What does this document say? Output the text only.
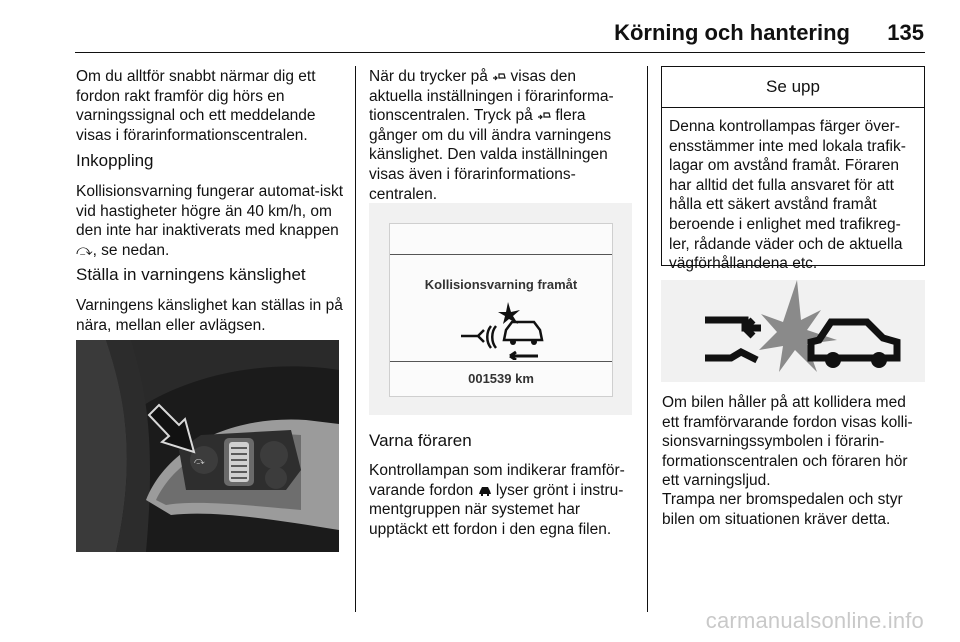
Körning och hantering 135

Om du alltför snabbt närmar dig ett fordon rakt framför dig hörs en varningssignal och ett meddelande visas i förarinformationscentralen.

Inkoppling

Kollisionsvarning fungerar automat-iskt vid hastigheter högre än 40 km/h, om den inte har inaktiverats med knappen ⤼, se nedan.

Ställa in varningens känslighet

Varningens känslighet kan ställas in på nära, mellan eller avlägsen.

⤼

När du trycker på visas den

aktuella inställningen i förarinforma-

tionscentralen. Tryck på flera

gånger om du vill ändra varningens

känslighet. Den valda inställningen

visas även i förarinformations-

centralen.

Kollisionsvarning framåt
001539 km
Varna föraren

Kontrollampan som indikerar framför-

varande fordon lyser grönt i instru-

mentgruppen när systemet har

upptäckt ett fordon i den egna filen.

Se upp
Denna kontrollampas färger över-ensstämmer inte med lokala trafik-lagar om avstånd framåt. Föraren har alltid det fulla ansvaret för att hålla ett säkert avstånd framåt beroende i enlighet med trafikreg-ler, rådande väder och de aktuella vägförhållandena etc.

Om bilen håller på att kollidera med ett framförvarande fordon visas kolli-sionsvarningssymbolen i förarin-formationscentralen och föraren hör ett varningsljud.

Trampa ner bromspedalen och styr bilen om situationen kräver detta.

carmanualsonline.info
